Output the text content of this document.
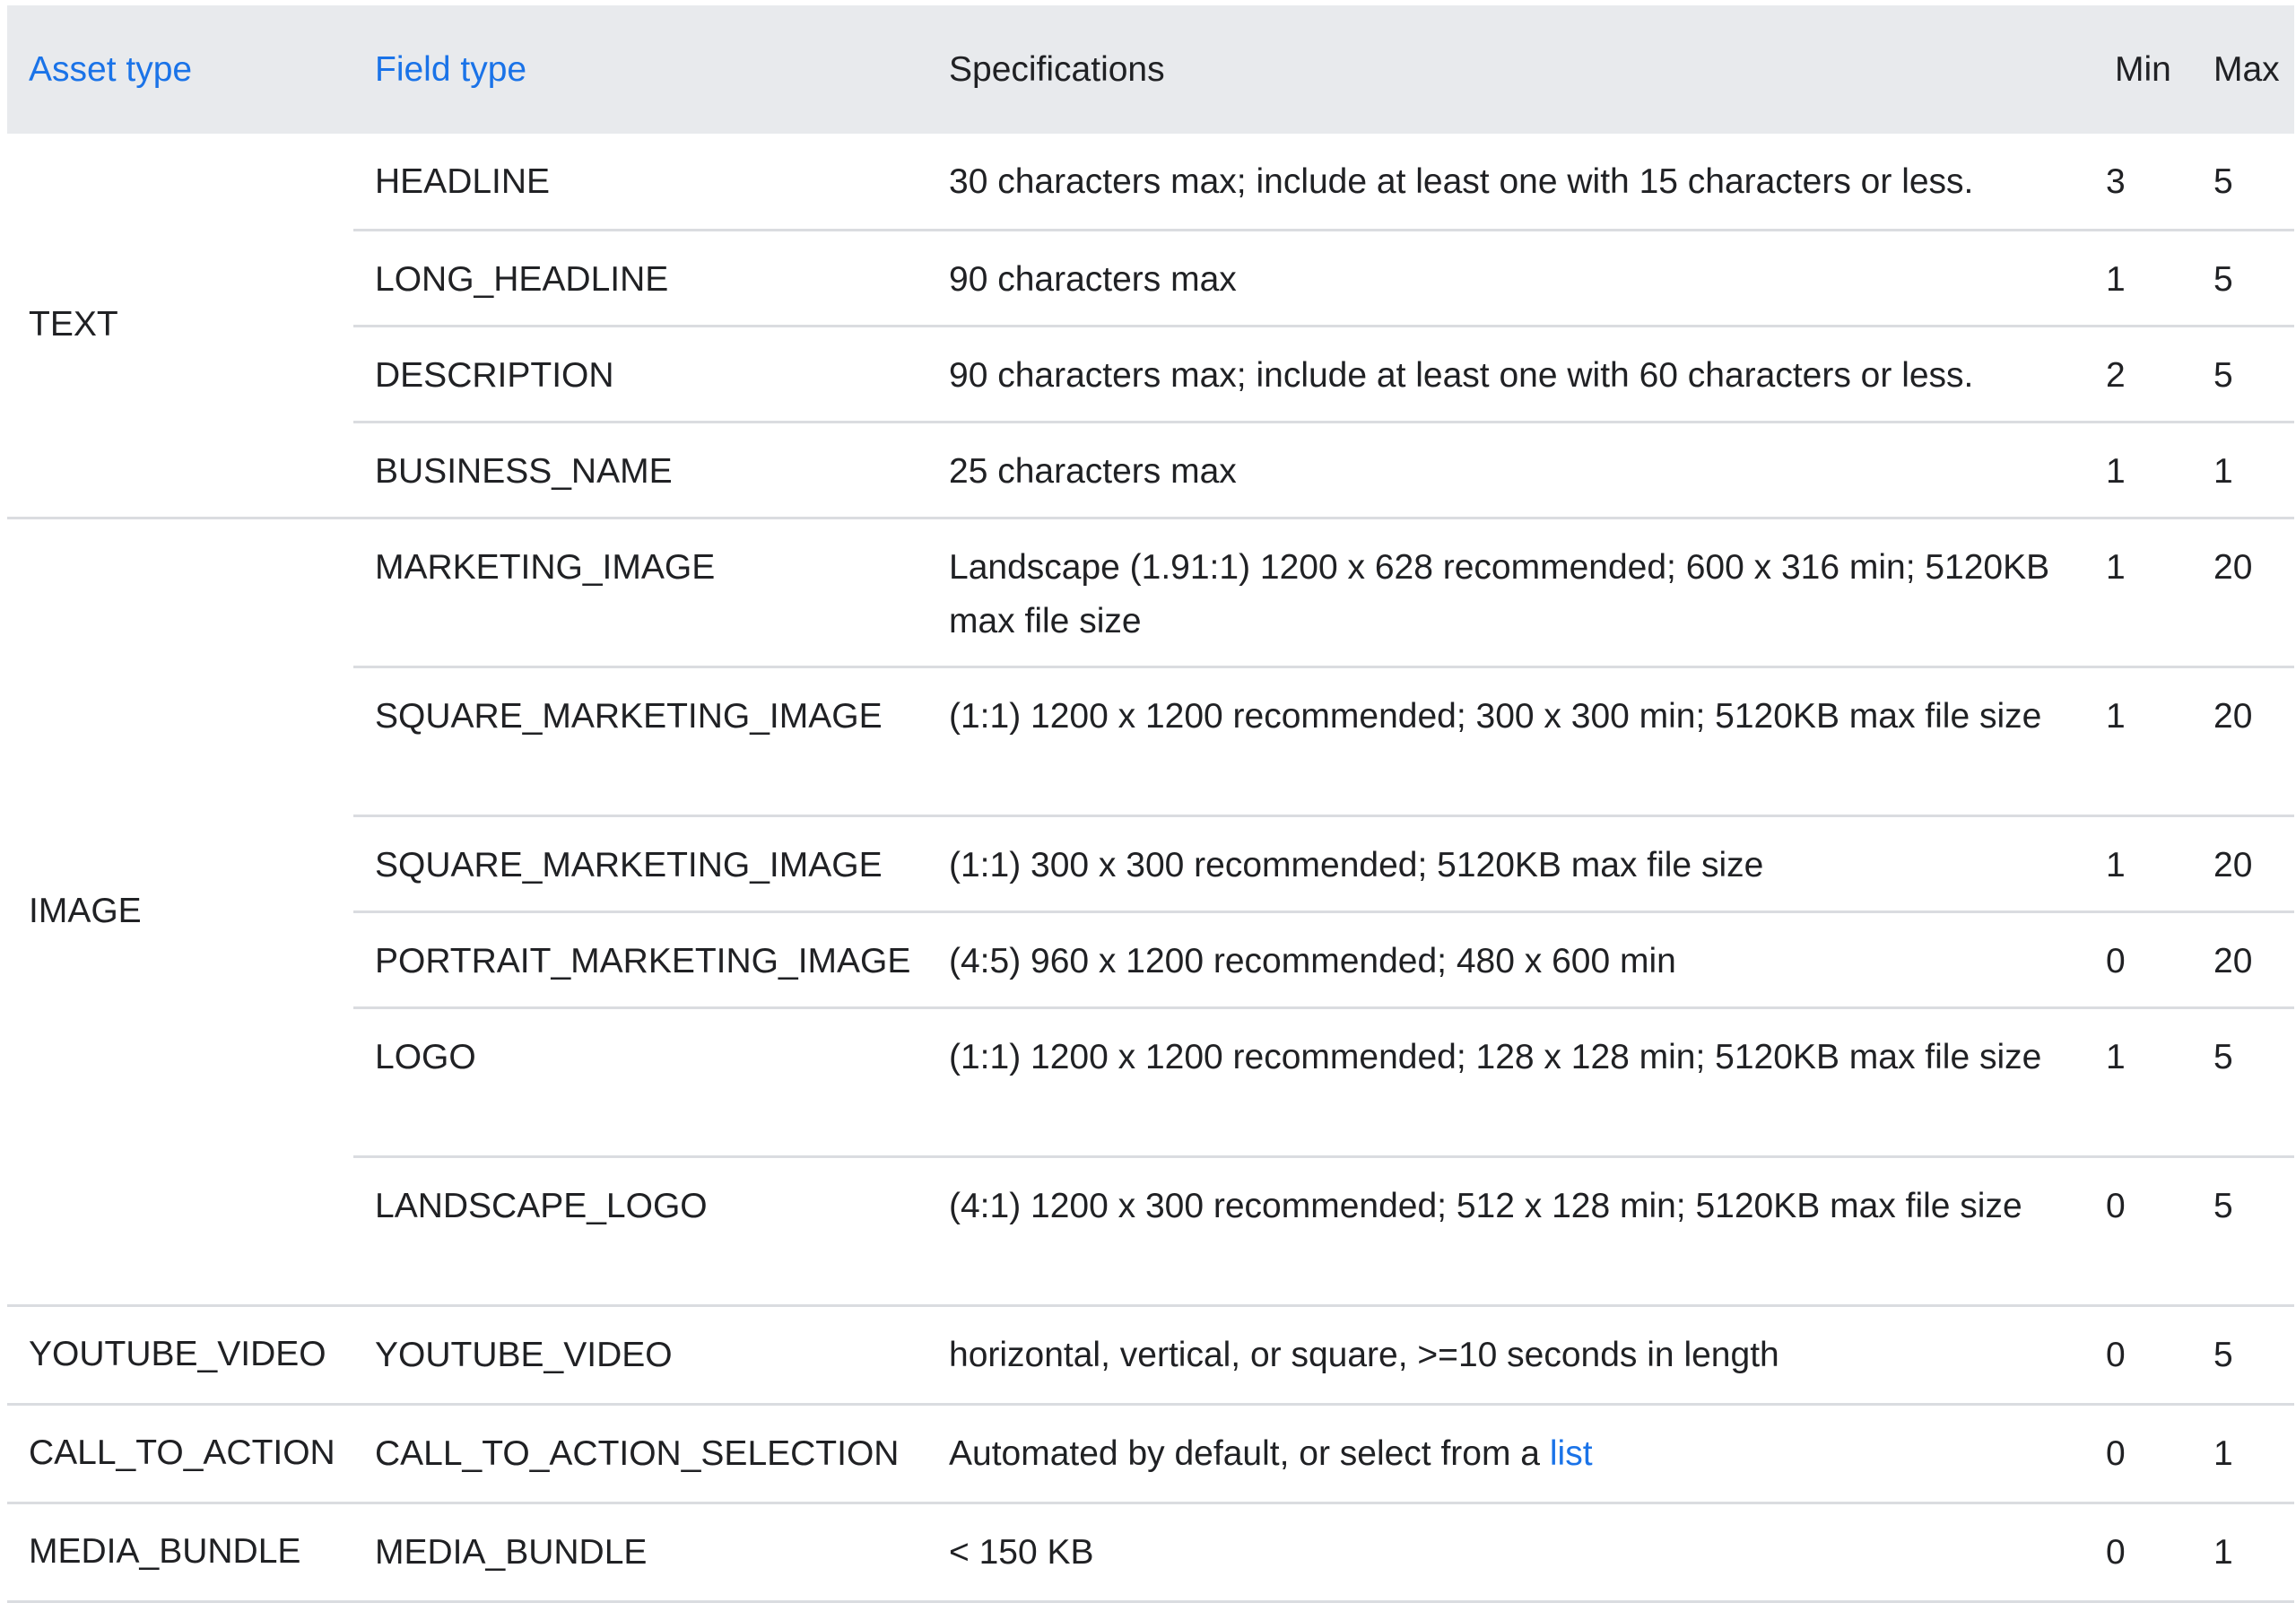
Asset type	Field type	Specifications	Min	Max
TEXT	HEADLINE	30 characters max; include at least one with 15 characters or less.	3	5
	LONG_HEADLINE	90 characters max	1	5
	DESCRIPTION	90 characters max; include at least one with 60 characters or less.	2	5
	BUSINESS_NAME	25 characters max	1	1
IMAGE	MARKETING_IMAGE	Landscape (1.91:1) 1200 x 628 recommended; 600 x 316 min; 5120KB max file size	1	20
	SQUARE_MARKETING_IMAGE	(1:1) 1200 x 1200 recommended; 300 x 300 min; 5120KB max file size	1	20
	SQUARE_MARKETING_IMAGE	(1:1) 300 x 300 recommended; 5120KB max file size	1	20
	PORTRAIT_MARKETING_IMAGE	(4:5) 960 x 1200 recommended; 480 x 600 min	0	20
	LOGO	(1:1) 1200 x 1200 recommended; 128 x 128 min; 5120KB max file size	1	5
	LANDSCAPE_LOGO	(4:1) 1200 x 300 recommended; 512 x 128 min; 5120KB max file size	0	5
YOUTUBE_VIDEO	YOUTUBE_VIDEO	horizontal, vertical, or square, >=10 seconds in length	0	5
CALL_TO_ACTION	CALL_TO_ACTION_SELECTION	Automated by default, or select from a list	0	1
MEDIA_BUNDLE	MEDIA_BUNDLE	< 150 KB	0	1
